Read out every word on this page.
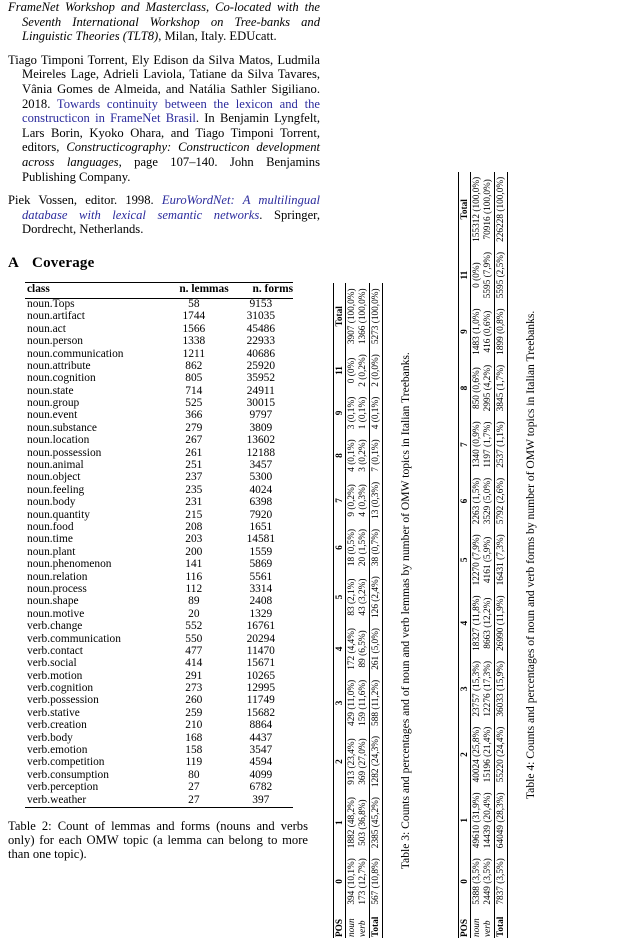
FrameNet Workshop and Masterclass, Co-located with the Seventh International Workshop on Tree-banks and Linguistic Theories (TLT8), Milan, Italy. EDUcatt.
Tiago Timponi Torrent, Ely Edison da Silva Matos, Ludmila Meireles Lage, Adrieli Laviola, Tatiane da Silva Tavares, Vânia Gomes de Almeida, and Natália Sathler Sigiliano. 2018. Towards continuity between the lexicon and the constructicon in FrameNet Brasil. In Benjamin Lyngfelt, Lars Borin, Kyoko Ohara, and Tiago Timponi Torrent, editors, Constructicography: Constructicon development across languages, page 107–140. John Benjamins Publishing Company.
Piek Vossen, editor. 1998. EuroWordNet: A multilingual database with lexical semantic networks. Springer, Dordrecht, Netherlands.
A Coverage
class	n. lemmas	n. forms
noun.Tops	58	9153
noun.artifact	1744	31035
noun.act	1566	45486
noun.person	1338	22933
noun.communication	1211	40686
noun.attribute	862	25920
noun.cognition	805	35952
noun.state	714	24911
noun.group	525	30015
noun.event	366	9797
noun.substance	279	3809
noun.location	267	13602
noun.possession	261	12188
noun.animal	251	3457
noun.object	237	5300
noun.feeling	235	4024
noun.body	231	6398
noun.quantity	215	7920
noun.food	208	1651
noun.time	203	14581
noun.plant	200	1559
noun.phenomenon	141	5869
noun.relation	116	5561
noun.process	112	3314
noun.shape	89	2408
noun.motive	20	1329
verb.change	552	16761
verb.communication	550	20294
verb.contact	477	11470
verb.social	414	15671
verb.motion	291	10265
verb.cognition	273	12995
verb.possession	260	11749
verb.stative	259	15682
verb.creation	210	8864
verb.body	168	4437
verb.emotion	158	3547
verb.competition	119	4594
verb.consumption	80	4099
verb.perception	27	6782
verb.weather	27	397
Table 2: Count of lemmas and forms (nouns and verbs only) for each OMW topic (a lemma can belong to more than one topic).
POS	0	1	2	3	4	5	6	7	8	9	11	Total
noun	394 (10,1%)	1882 (48,2%)	913 (23,4%)	429 (11,0%)	172 (4,4%)	83 (2,1%)	18 (0,5%)	9 (0,2%)	4 (0,1%)	3 (0,1%)	0 (0%)	3907 (100,0%)
verb	173 (12,7%)	503 (36,8%)	369 (27,0%)	159 (11,6%)	89 (6,5%)	43 (3,2%)	20 (1,5%)	4 (0,3%)	3 (0,2%)	1 (0,1%)	2 (0,2%)	1366 (100,0%)
Total	567 (10,8%)	2385 (45,2%)	1282 (24,3%)	588 (11,2%)	261 (5,0%)	126 (2,4%)	38 (0,7%)	13 (0,3%)	7 (0,1%)	4 (0,1%)	2 (0,0%)	5273 (100,0%)
Table 3: Counts and percentages and of noun and verb lemmas by number of OMW topics in Italian Treebanks.
POS	0	1	2	3	4	5	6	7	8	9	11	Total
noun	5388 (3,5%)	49610 (31,9%)	40024 (25,8%)	23757 (15,3%)	18327 (11,8%)	12270 (7,9%)	2263 (1,5%)	1340 (0,9%)	850 (0,6%)	1483 (1,0%)	0 (0%)	155312 (100,0%)
verb	2449 (3,5%)	14439 (20,4%)	15196 (21,4%)	12276 (17,3%)	8663 (12,2%)	4161 (5,9%)	3529 (5,0%)	1197 (1,7%)	2995 (4,2%)	416 (0,6%)	5595 (7,9%)	70916 (100,0%)
Total	7837 (3,5%)	64049 (28,3%)	55220 (24,4%)	36033 (15,9%)	26990 (11,9%)	16431 (7,3%)	5792 (2,6%)	2537 (1,1%)	3845 (1,7%)	1899 (0,8%)	5595 (2,5%)	226228 (100,0%)
Table 4: Counts and percentages of noun and verb forms by number of OMW topics in Italian Treebanks.
